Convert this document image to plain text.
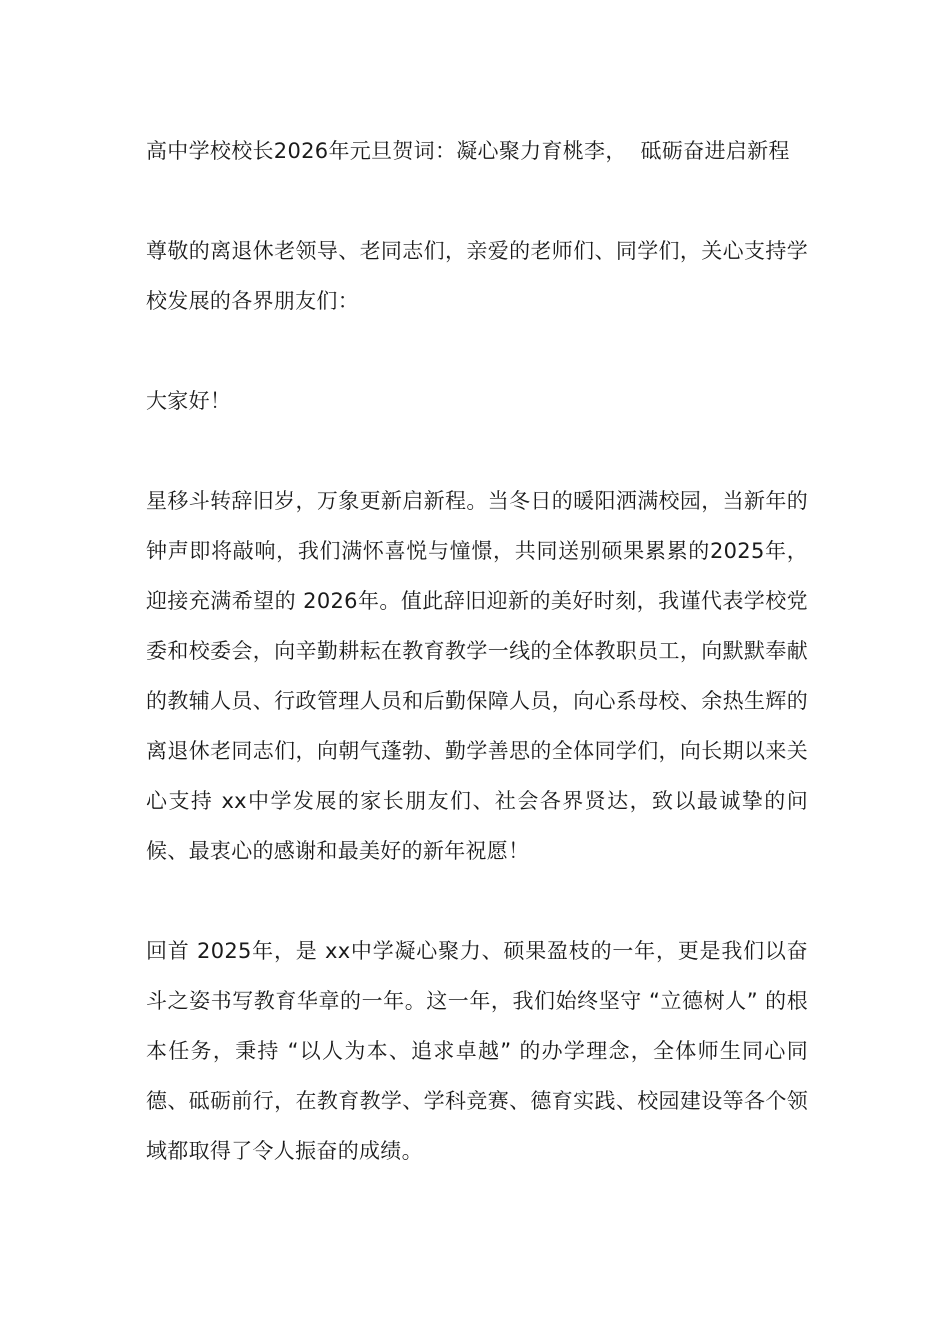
高中学校校长2026年元旦贺词：凝心聚力育桃李，  砥砺奋进启新程

尊敬的离退休老领导、老同志们，亲爱的老师们、同学们，关心支持学校发展的各界朋友们：

大家好！

星移斗转辞旧岁，万象更新启新程。当冬日的暖阳洒满校园，当新年的钟声即将敲响，我们满怀喜悦与憧憬，共同送别硕果累累的2025年，迎接充满希望的 2026年。值此辞旧迎新的美好时刻，我谨代表学校党委和校委会，向辛勤耕耘在教育教学一线的全体教职员工，向默默奉献的教辅人员、行政管理人员和后勤保障人员，向心系母校、余热生辉的离退休老同志们，向朝气蓬勃、勤学善思的全体同学们，向长期以来关心支持 xx中学发展的家长朋友们、社会各界贤达，致以最诚挚的问候、最衷心的感谢和最美好的新年祝愿！

回首 2025年，是 xx中学凝心聚力、硕果盈枝的一年，更是我们以奋斗之姿书写教育华章的一年。这一年，我们始终坚守 “立德树人” 的根本任务，秉持 “以人为本、追求卓越” 的办学理念，全体师生同心同德、砥砺前行，在教育教学、学科竞赛、德育实践、校园建设等各个领域都取得了令人振奋的成绩。
